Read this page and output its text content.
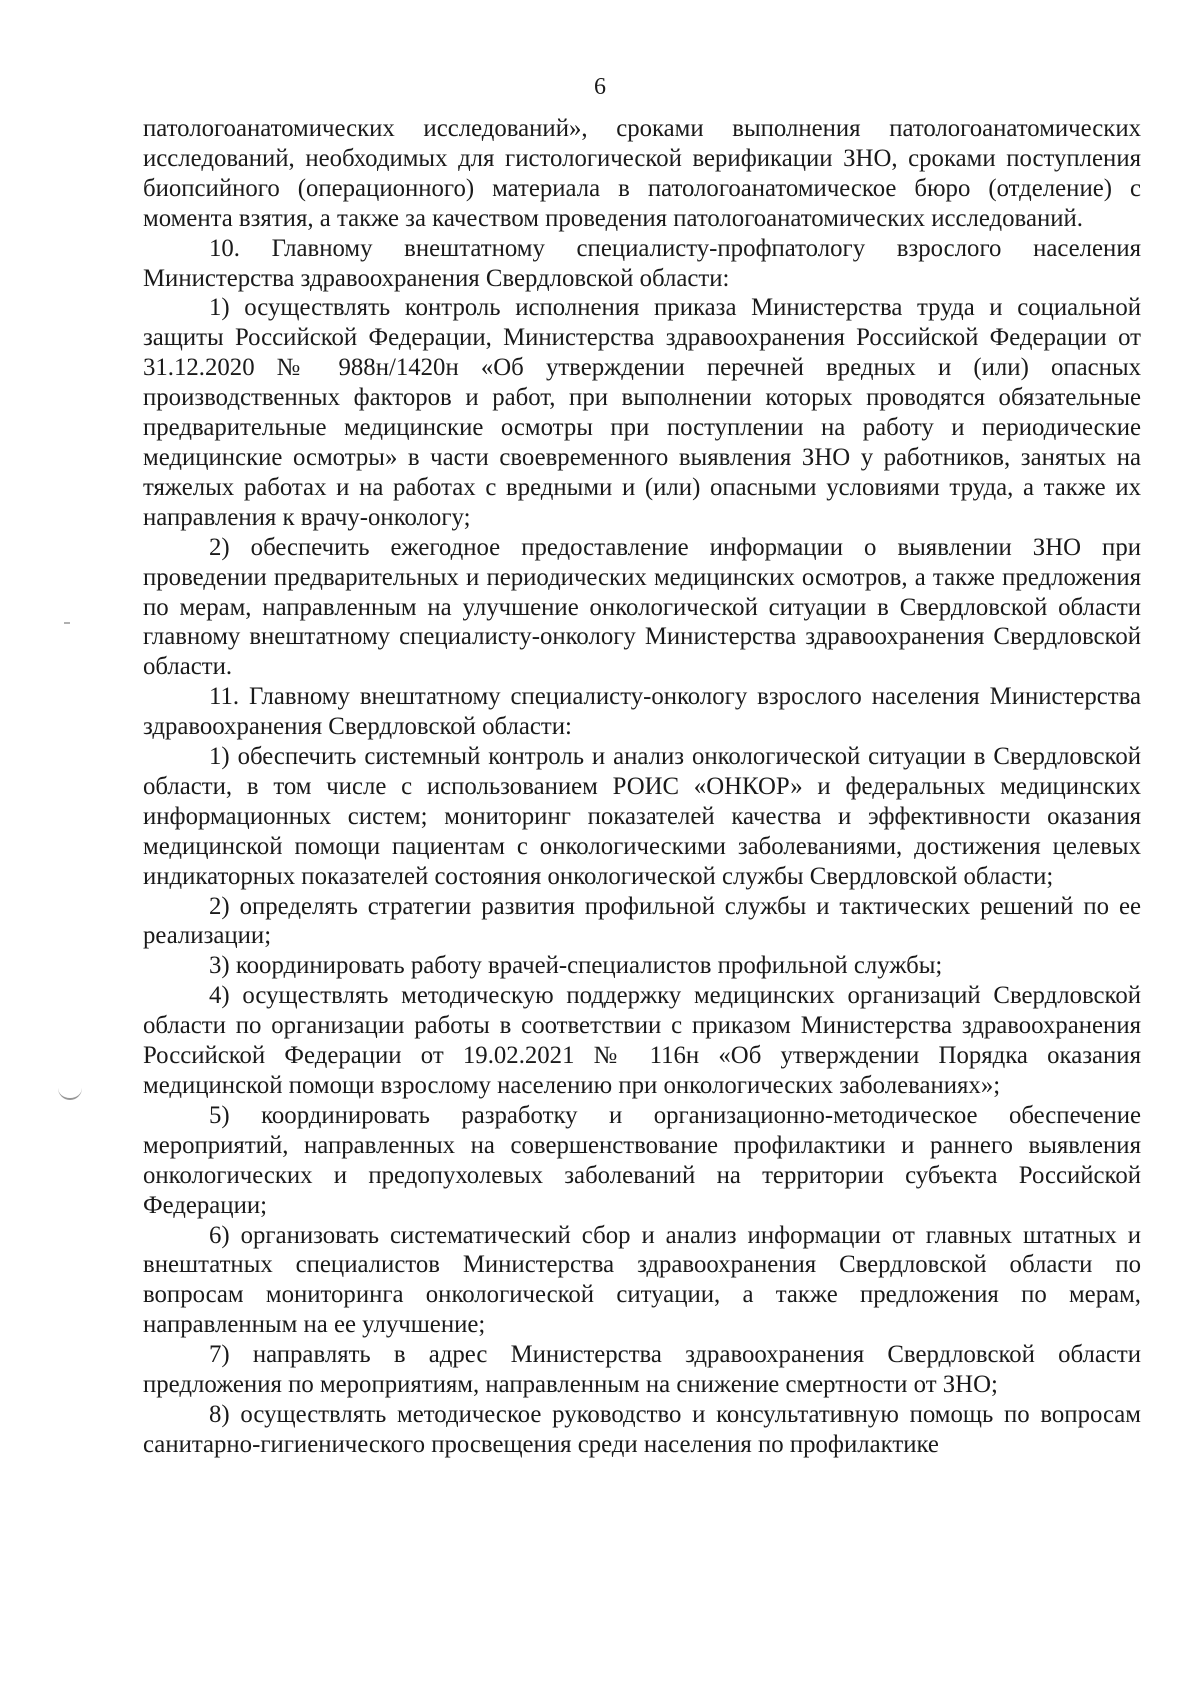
6

патологоанатомических исследований», сроками выполнения патологоанатомических исследований, необходимых для гистологической верификации ЗНО, сроками поступления биопсийного (операционного) материала в патологоанатомическое бюро (отделение) с момента взятия, а также за качеством проведения патологоанатомических исследований.

10. Главному внештатному специалисту-профпатологу взрослого населения Министерства здравоохранения Свердловской области:

1) осуществлять контроль исполнения приказа Министерства труда и социальной защиты Российской Федерации, Министерства здравоохранения Российской Федерации от 31.12.2020 № 988н/1420н «Об утверждении перечней вредных и (или) опасных производственных факторов и работ, при выполнении которых проводятся обязательные предварительные медицинские осмотры при поступлении на работу и периодические медицинские осмотры» в части своевременного выявления ЗНО у работников, занятых на тяжелых работах и на работах с вредными и (или) опасными условиями труда, а также их направления к врачу-онкологу;

2) обеспечить ежегодное предоставление информации о выявлении ЗНО при проведении предварительных и периодических медицинских осмотров, а также предложения по мерам, направленным на улучшение онкологической ситуации в Свердловской области главному внештатному специалисту-онкологу Министерства здравоохранения Свердловской области.

11. Главному внештатному специалисту-онкологу взрослого населения Министерства здравоохранения Свердловской области:

1) обеспечить системный контроль и анализ онкологической ситуации в Свердловской области, в том числе с использованием РОИС «ОНКОР» и федеральных медицинских информационных систем; мониторинг показателей качества и эффективности оказания медицинской помощи пациентам с онкологическими заболеваниями, достижения целевых индикаторных показателей состояния онкологической службы Свердловской области;

2) определять стратегии развития профильной службы и тактических решений по ее реализации;

3) координировать работу врачей-специалистов профильной службы;

4) осуществлять методическую поддержку медицинских организаций Свердловской области по организации работы в соответствии с приказом Министерства здравоохранения Российской Федерации от 19.02.2021 № 116н «Об утверждении Порядка оказания медицинской помощи взрослому населению при онкологических заболеваниях»;

5) координировать разработку и организационно-методическое обеспечение мероприятий, направленных на совершенствование профилактики и раннего выявления онкологических и предопухолевых заболеваний на территории субъекта Российской Федерации;

6) организовать систематический сбор и анализ информации от главных штатных и внештатных специалистов Министерства здравоохранения Свердловской области по вопросам мониторинга онкологической ситуации, а также предложения по мерам, направленным на ее улучшение;

7) направлять в адрес Министерства здравоохранения Свердловской области предложения по мероприятиям, направленным на снижение смертности от ЗНО;

8) осуществлять методическое руководство и консультативную помощь по вопросам санитарно-гигиенического просвещения среди населения по профилактике
